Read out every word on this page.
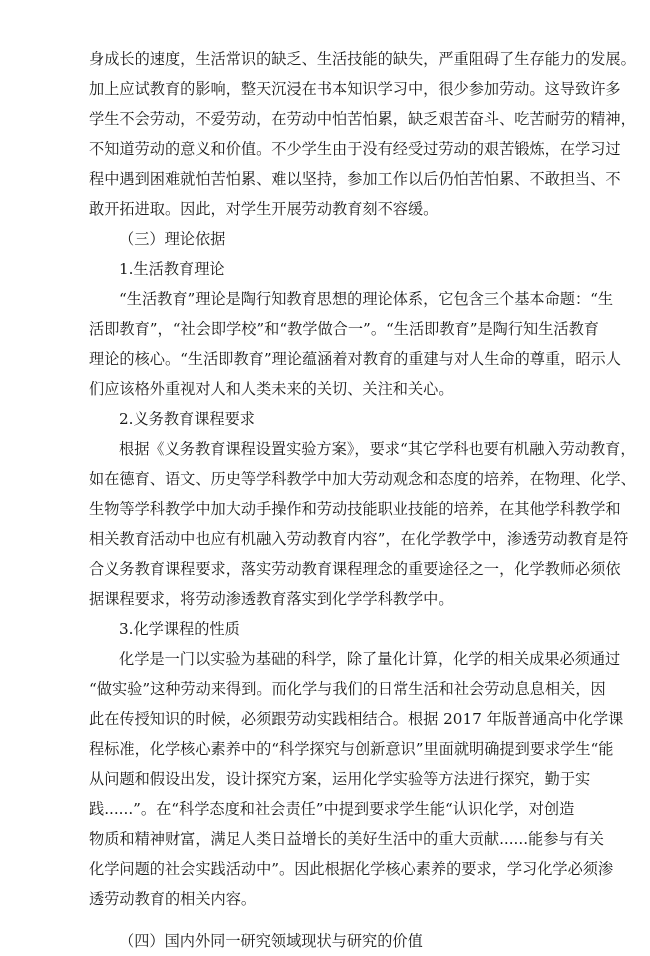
身成长的速度，生活常识的缺乏、生活技能的缺失，严重阻碍了生存能力的发展。
加上应试教育的影响，整天沉浸在书本知识学习中，很少参加劳动。这导致许多
学生不会劳动，不爱劳动，在劳动中怕苦怕累，缺乏艰苦奋斗、吃苦耐劳的精神，
不知道劳动的意义和价值。不少学生由于没有经受过劳动的艰苦锻炼，在学习过
程中遇到困难就怕苦怕累、难以坚持，参加工作以后仍怕苦怕累、不敢担当、不
敢开拓进取。因此，对学生开展劳动教育刻不容缓。
（三）理论依据
1.生活教育理论
“生活教育”理论是陶行知教育思想的理论体系，它包含三个基本命题：“生
活即教育”，“社会即学校”和“教学做合一”。“生活即教育”是陶行知生活教育
理论的核心。“生活即教育”理论蕴涵着对教育的重建与对人生命的尊重，昭示人
们应该格外重视对人和人类未来的关切、关注和关心。
2.义务教育课程要求
根据《义务教育课程设置实验方案》，要求“其它学科也要有机融入劳动教育，
如在德育、语文、历史等学科教学中加大劳动观念和态度的培养，在物理、化学、
生物等学科教学中加大动手操作和劳动技能职业技能的培养，在其他学科教学和
相关教育活动中也应有机融入劳动教育内容”，在化学教学中，渗透劳动教育是符
合义务教育课程要求，落实劳动教育课程理念的重要途径之一，化学教师必须依
据课程要求，将劳动渗透教育落实到化学学科教学中。
3.化学课程的性质
化学是一门以实验为基础的科学，除了量化计算，化学的相关成果必须通过
“做实验”这种劳动来得到。而化学与我们的日常生活和社会劳动息息相关，因
此在传授知识的时候，必须跟劳动实践相结合。根据 2017 年版普通高中化学课
程标准，化学核心素养中的“科学探究与创新意识”里面就明确提到要求学生“能
从问题和假设出发，设计探究方案，运用化学实验等方法进行探究，勤于实
践......”。在“科学态度和社会责任”中提到要求学生能“认识化学，对创造
物质和精神财富，满足人类日益增长的美好生活中的重大贡献......能参与有关
化学问题的社会实践活动中”。因此根据化学核心素养的要求，学习化学必须渗
透劳动教育的相关内容。
（四）国内外同一研究领域现状与研究的价值
